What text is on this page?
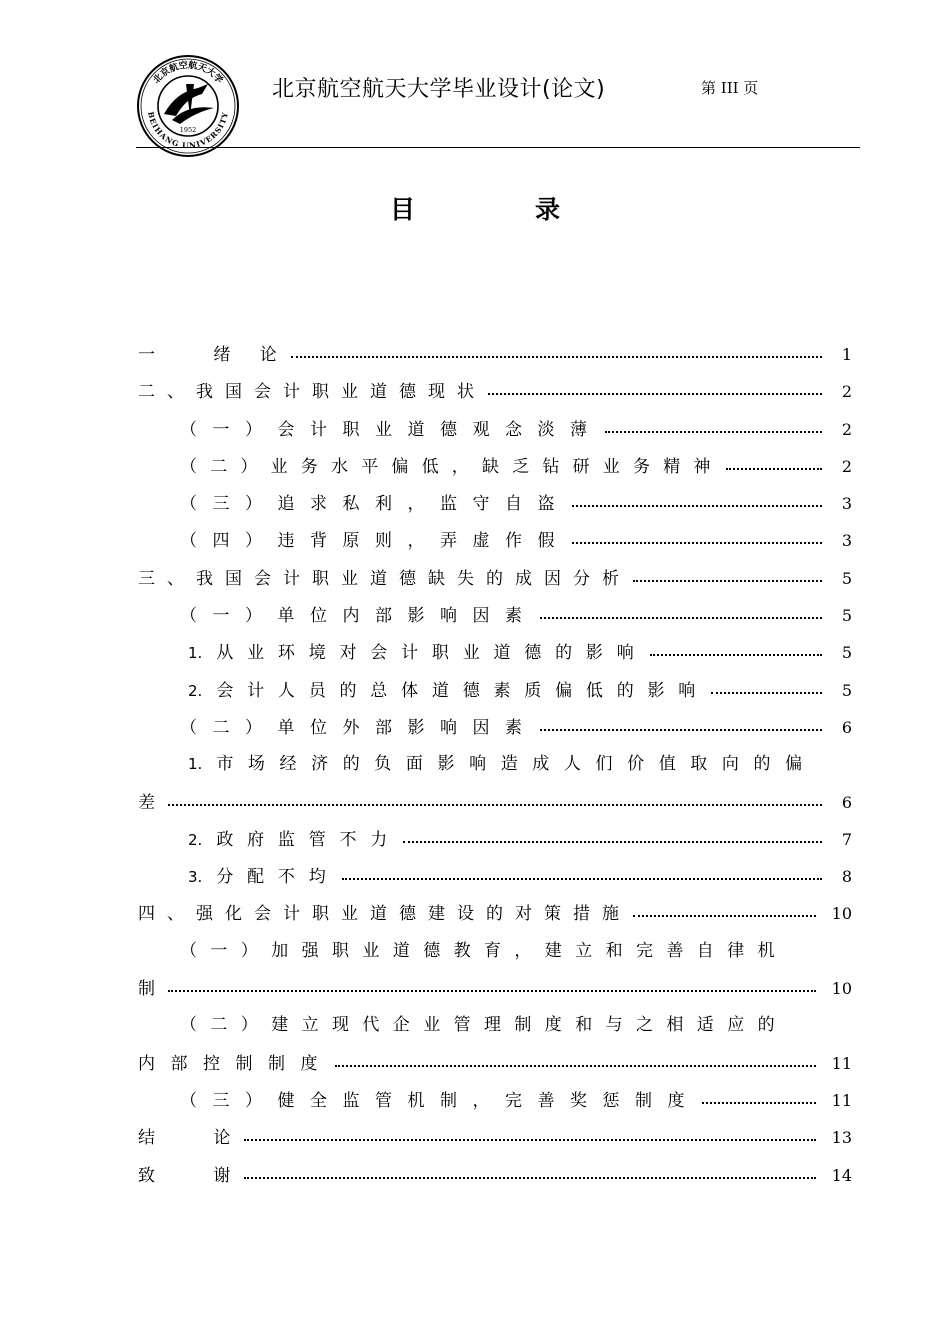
北京航空航天大学
BEIHANG UNIVERSITY
1952
北京航空航天大学毕业设计(论文)	第 III 页
目	录
一　 绪 论	1
二、我国会计职业道德现状	2
（一）会计职业道德观念淡薄	2
（二）业务水平偏低，缺乏钻研业务精神	2
（三）追求私利，监守自盗	3
（四）违背原则，弄虚作假	3
三、我国会计职业道德缺失的成因分析	5
（一）单位内部影响因素	5
1. 从业环境对会计职业道德的影响	5
2. 会计人员的总体道德素质偏低的影响	5
（二）单位外部影响因素	6
1. 市场经济的负面影响造成人们价值取向的偏
差	6
2. 政府监管不力	7
3. 分配不均	8
四、强化会计职业道德建设的对策措施	10
（一）加强职业道德教育，建立和完善自律机
制	10
（二）建立现代企业管理制度和与之相适应的
内部控制制度	11
（三）健全监管机制，完善奖惩制度	11
结　 论	13
致　 谢	14
